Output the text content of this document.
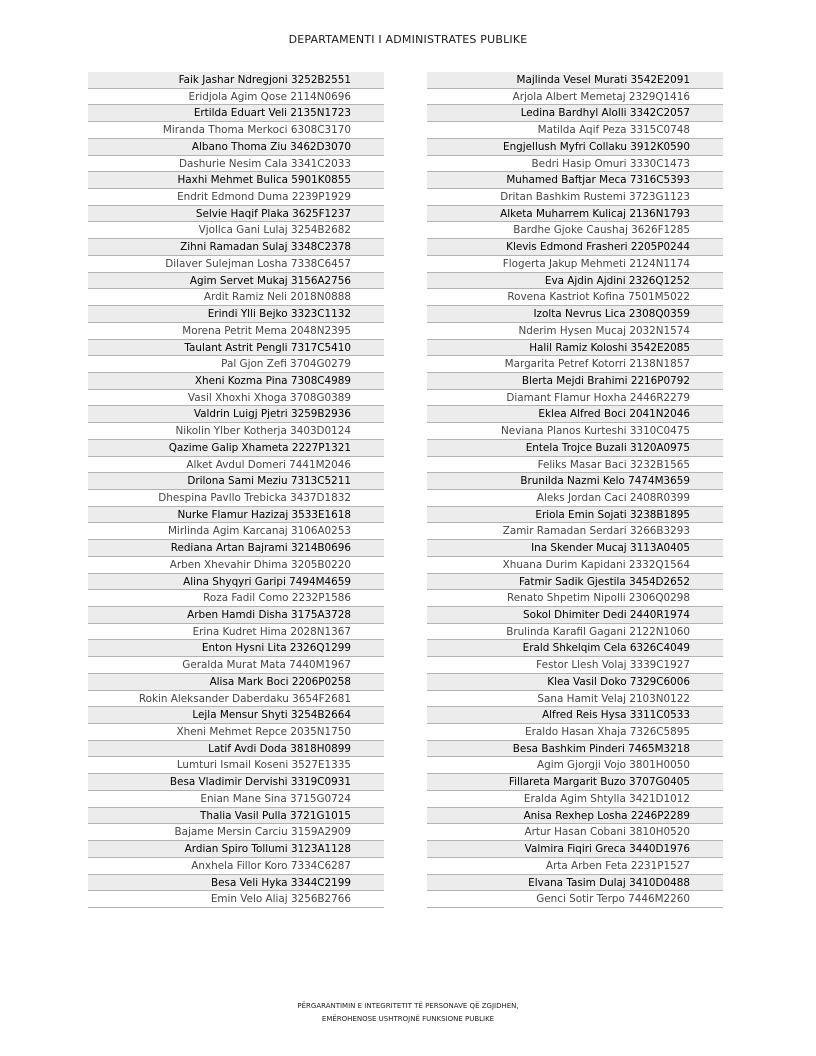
DEPARTAMENTI I ADMINISTRATES PUBLIKE
Faik Jashar Ndregjoni 3252B2551
Eridjola Agim Qose 2114N0696
Ertilda Eduart Veli 2135N1723
Miranda Thoma Merkoci 6308C3170
Albano Thoma Ziu 3462D3070
Dashurie Nesim Cala 3341C2033
Haxhi Mehmet Bulica 5901K0855
Endrit Edmond Duma 2239P1929
Selvie Haqif Plaka 3625F1237
Vjollca Gani Lulaj 3254B2682
Zihni Ramadan Sulaj 3348C2378
Dilaver Sulejman Losha 7338C6457
Agim Servet Mukaj 3156A2756
Ardit Ramiz Neli 2018N0888
Erindi Ylli Bejko 3323C1132
Morena Petrit Mema 2048N2395
Taulant Astrit Pengli 7317C5410
Pal Gjon Zefi 3704G0279
Xheni Kozma Pina 7308C4989
Vasil Xhoxhi Xhoga 3708G0389
Valdrin Luigj Pjetri 3259B2936
Nikolin Ylber Kotherja 3403D0124
Qazime Galip Xhameta 2227P1321
Alket Avdul Domeri 7441M2046
Drilona Sami Meziu 7313C5211
Dhespina Pavllo Trebicka 3437D1832
Nurke Flamur Hazizaj 3533E1618
Mirlinda Agim Karcanaj 3106A0253
Rediana Artan Bajrami 3214B0696
Arben Xhevahir Dhima 3205B0220
Alina Shyqyri Garipi 7494M4659
Roza Fadil Como 2232P1586
Arben Hamdi Disha 3175A3728
Erina Kudret Hima 2028N1367
Enton Hysni Lita 2326Q1299
Geralda Murat Mata 7440M1967
Alisa Mark Boci 2206P0258
Rokin Aleksander Daberdaku 3654F2681
Lejla Mensur Shyti 3254B2664
Xheni Mehmet Repce 2035N1750
Latif Avdi Doda 3818H0899
Lumturi Ismail Koseni 3527E1335
Besa Vladimir Dervishi 3319C0931
Enian Mane Sina 3715G0724
Thalia Vasil Pulla 3721G1015
Bajame Mersin Carciu 3159A2909
Ardian Spiro Tollumi 3123A1128
Anxhela Fillor Koro 7334C6287
Besa Veli Hyka 3344C2199
Emin Velo Aliaj 3256B2766
Majlinda Vesel Murati 3542E2091
Arjola Albert Memetaj 2329Q1416
Ledina Bardhyl Alolli 3342C2057
Matilda Aqif Peza 3315C0748
Engjellush Myfri Collaku 3912K0590
Bedri Hasip Omuri 3330C1473
Muhamed Baftjar Meca 7316C5393
Dritan Bashkim Rustemi 3723G1123
Alketa Muharrem Kulicaj 2136N1793
Bardhe Gjoke Caushaj 3626F1285
Klevis Edmond Frasheri 2205P0244
Flogerta Jakup Mehmeti 2124N1174
Eva Ajdin Ajdini 2326Q1252
Rovena Kastriot Kofina 7501M5022
Izolta Nevrus Lica 2308Q0359
Nderim Hysen Mucaj 2032N1574
Halil Ramiz Koloshi 3542E2085
Margarita Petref Kotorri 2138N1857
Blerta Mejdi Brahimi 2216P0792
Diamant Flamur Hoxha 2446R2279
Eklea Alfred Boci 2041N2046
Neviana Planos Kurteshi 3310C0475
Entela Trojce Buzali 3120A0975
Feliks Masar Baci 3232B1565
Brunilda Nazmi Kelo 7474M3659
Aleks Jordan Caci 2408R0399
Eriola Emin Sojati 3238B1895
Zamir Ramadan Serdari 3266B3293
Ina Skender Mucaj 3113A0405
Xhuana Durim Kapidani 2332Q1564
Fatmir Sadik Gjestila 3454D2652
Renato Shpetim Nipolli 2306Q0298
Sokol Dhimiter Dedi 2440R1974
Brulinda Karafil Gagani 2122N1060
Erald Shkelqim Cela 6326C4049
Festor Llesh Volaj 3339C1927
Klea Vasil Doko 7329C6006
Sana Hamit Velaj 2103N0122
Alfred Reis Hysa 3311C0533
Eraldo Hasan Xhaja 7326C5895
Besa Bashkim Pinderi 7465M3218
Agim Gjorgji Vojo 3801H0050
Fillareta Margarit Buzo 3707G0405
Eralda Agim Shtylla 3421D1012
Anisa Rexhep Losha 2246P2289
Artur Hasan Cobani 3810H0520
Valmira Fiqiri Greca 3440D1976
Arta Arben Feta 2231P1527
Elvana Tasim Dulaj 3410D0488
Genci Sotir Terpo 7446M2260
PËRGARANTIMIN E INTEGRITETIT TË PERSONAVE QË ZGJIDHEN,
EMËROHENOSE USHTROJNË FUNKSIONE PUBLIKE
